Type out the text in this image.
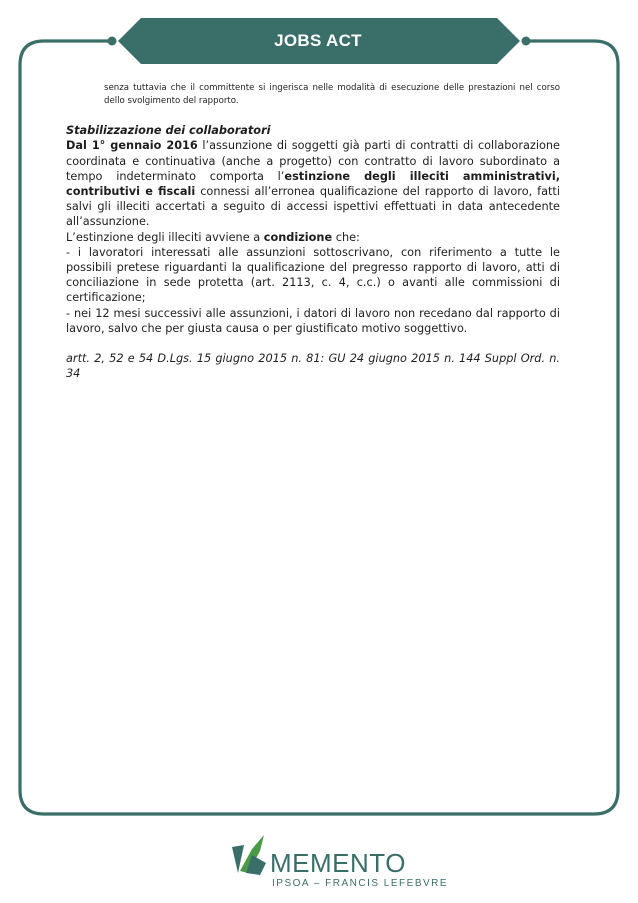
JOBS ACT

senza tuttavia che il committente si ingerisca nelle modalità di esecuzione delle prestazioni nel corso dello svolgimento del rapporto.

Stabilizzazione dei collaboratori

Dal 1° gennaio 2016 l’assunzione di soggetti già parti di contratti di collaborazione coordinata e continuativa (anche a progetto) con contratto di lavoro subordinato a tempo indeterminato comporta l’estinzione degli illeciti amministrativi, contributivi e fiscali connessi all’erronea qualificazione del rapporto di lavoro, fatti salvi gli illeciti accertati a seguito di accessi ispettivi effettuati in data antecedente all’assunzione.

L’estinzione degli illeciti avviene a condizione che:

- i lavoratori interessati alle assunzioni sottoscrivano, con riferimento a tutte le possibili pretese riguardanti la qualificazione del pregresso rapporto di lavoro, atti di conciliazione in sede protetta (art. 2113, c. 4, c.c.) o avanti alle commissioni di certificazione;

- nei 12 mesi successivi alle assunzioni, i datori di lavoro non recedano dal rapporto di lavoro, salvo che per giusta causa o per giustificato motivo soggettivo.

artt. 2, 52 e 54 D.Lgs. 15 giugno 2015 n. 81: GU 24 giugno 2015 n. 144 Suppl Ord. n. 34

MEMENTO
IPSOA – FRANCIS LEFEBVRE
